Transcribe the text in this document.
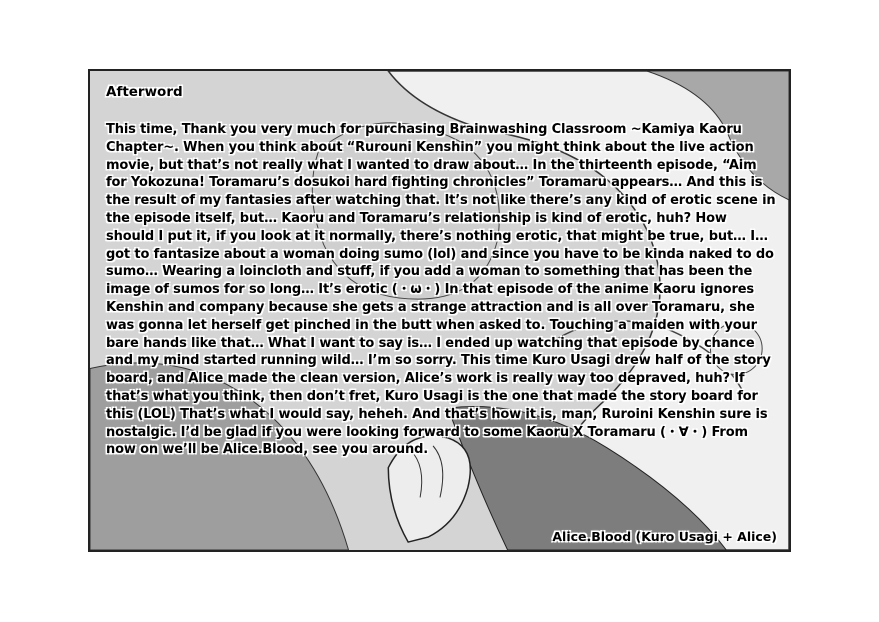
Afterword

This time, Thank you very much for purchasing Brainwashing Classroom ~Kamiya Kaoru Chapter~. When you think about “Rurouni Kenshin” you might think about the live action movie, but that’s not really what I wanted to draw about… In the thirteenth episode, “Aim for Yokozuna! Toramaru’s dosukoi hard fighting chronicles” Toramaru appears… And this is the result of my fantasies after watching that. It’s not like there’s any kind of erotic scene in the episode itself, but… Kaoru and Toramaru’s relationship is kind of erotic, huh? How should I put it, if you look at it normally, there’s nothing erotic, that might be true, but… I… got to fantasize about a woman doing sumo (lol) and since you have to be kinda naked to do sumo… Wearing a loincloth and stuff, if you add a woman to something that has been the image of sumos for so long… It’s erotic (・ω・) In that episode of the anime Kaoru ignores Kenshin and company because she gets a strange attraction and is all over Toramaru, she was gonna let herself get pinched in the butt when asked to. Touching a maiden with your bare hands like that… What I want to say is… I ended up watching that episode by chance and my mind started running wild… I’m so sorry. This time Kuro Usagi drew half of the story board, and Alice made the clean version, Alice’s work is really way too depraved, huh? If that’s what you think, then don’t fret, Kuro Usagi is the one that made the story board for this (LOL) That’s what I would say, heheh. And that’s how it is, man, Ruroini Kenshin sure is nostalgic. I’d be glad if you were looking forward to some Kaoru X Toramaru (・∀・) From now on we’ll be Alice.Blood, see you around.

Alice.Blood (Kuro Usagi + Alice)
